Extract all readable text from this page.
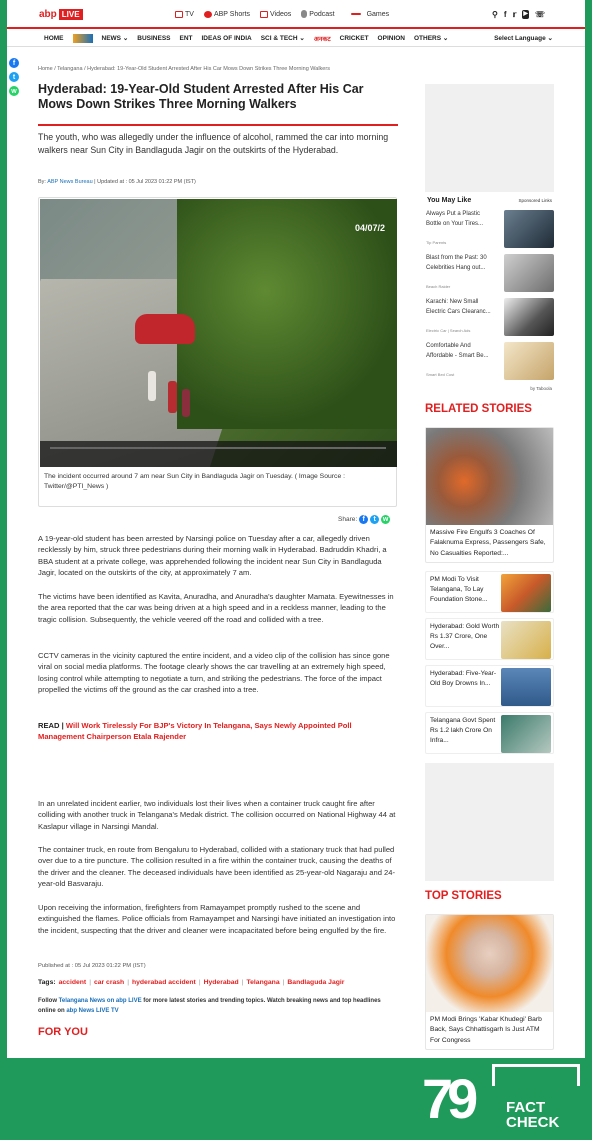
abp LIVE	TV	ABP Shorts	Videos	Podcast	Games	⚲ f 𝕣 ▶ ☏
HOME	NEWS ⌄ BUSINESS ENT IDEAS OF INDIA SCI & TECH ⌄ अनकट CRICKET OPINION OTHERS ⌄	Select Language ⌄
f
t
w
Home / Telangana / Hyderabad: 19-Year-Old Student Arrested After His Car Mows Down Strikes Three Morning Walkers
Hyderabad: 19-Year-Old Student Arrested After His Car Mows Down Strikes Three Morning Walkers

The youth, who was allegedly under the influence of alcohol, rammed the car into morning walkers near Sun City in Bandlaguda Jagir on the outskirts of the Hyderabad.

By: ABP News Bureau | Updated at : 05 Jul 2023 01:22 PM (IST)
04/07/2

The incident occurred around 7 am near Sun City in Bandlaguda Jagir on Tuesday. ( Image Source : Twitter/@PTI_News )

Share: f	t	w

A 19-year-old student has been arrested by Narsingi police on Tuesday after a car, allegedly driven recklessly by him, struck three pedestrians during their morning walk in Hyderabad. Badruddin Khadri, a BBA student at a private college, was apprehended following the incident near Sun City in Bandlaguda Jagir, located on the outskirts of the city, at approximately 7 am.

The victims have been identified as Kavita, Anuradha, and Anuradha's daughter Mamata. Eyewitnesses in the area reported that the car was being driven at a high speed and in a reckless manner, leading to the tragic collision. Subsequently, the vehicle veered off the road and collided with a tree.

CCTV cameras in the vicinity captured the entire incident, and a video clip of the collision has since gone viral on social media platforms. The footage clearly shows the car travelling at an extremely high speed, losing control while attempting to negotiate a turn, and striking the pedestrians. The force of the impact propelled the victims off the ground as the car crashed into a tree.

READ | Will Work Tirelessly For BJP's Victory In Telangana, Says Newly Appointed Poll Management Chairperson Etala Rajender

In an unrelated incident earlier, two individuals lost their lives when a container truck caught fire after colliding with another truck in Telangana's Medak district. The collision occurred on National Highway 44 at Kaslapur village in Narsingi Mandal.

The container truck, en route from Bengaluru to Hyderabad, collided with a stationary truck that had pulled over due to a tire puncture. The collision resulted in a fire within the container truck, causing the deaths of the driver and the cleaner. The deceased individuals have been identified as 25-year-old Nagaraju and 24-year-old Basvaraju.

Upon receiving the information, firefighters from Ramayampet promptly rushed to the scene and extinguished the flames. Police officials from Ramayampet and Narsingi have initiated an investigation into the incident, suspecting that the driver and cleaner were incapacitated before being engulfed by the fire.

Published at : 05 Jul 2023 01:22 PM (IST)
Tags: accident | car crash | hyderabad accident | Hyderabad | Telangana | Bandlaguda Jagir

Follow Telangana News on abp LIVE for more latest stories and trending topics. Watch breaking news and top headlines online on abp News LIVE TV

FOR YOU
You May Like	Sponsored Links
Always Put a Plastic Bottle on Your Tires...
Tip Parents
Blast from the Past: 30 Celebrities Hang out...
Beach Raider
Karachi: New Small Electric Cars Clearanc...
Electric Car | Search Ads
Comfortable And Affordable - Smart Be...
Smart Bed Cost
by Taboola
RELATED STORIES
Massive Fire Engulfs 3 Coaches Of Falaknuma Express, Passengers Safe, No Casualties Reported:...
PM Modi To Visit Telangana, To Lay Foundation Stone...
Hyderabad: Gold Worth Rs 1.37 Crore, One Over...
Hyderabad: Five-Year-Old Boy Drowns In...
Telangana Govt Spent Rs 1.2 lakh Crore On Infra...
TOP STORIES
PM Modi Brings 'Kabar Khudegi' Barb Back, Says Chhattisgarh Is Just ATM For Congress
79 FACT
CHECK
